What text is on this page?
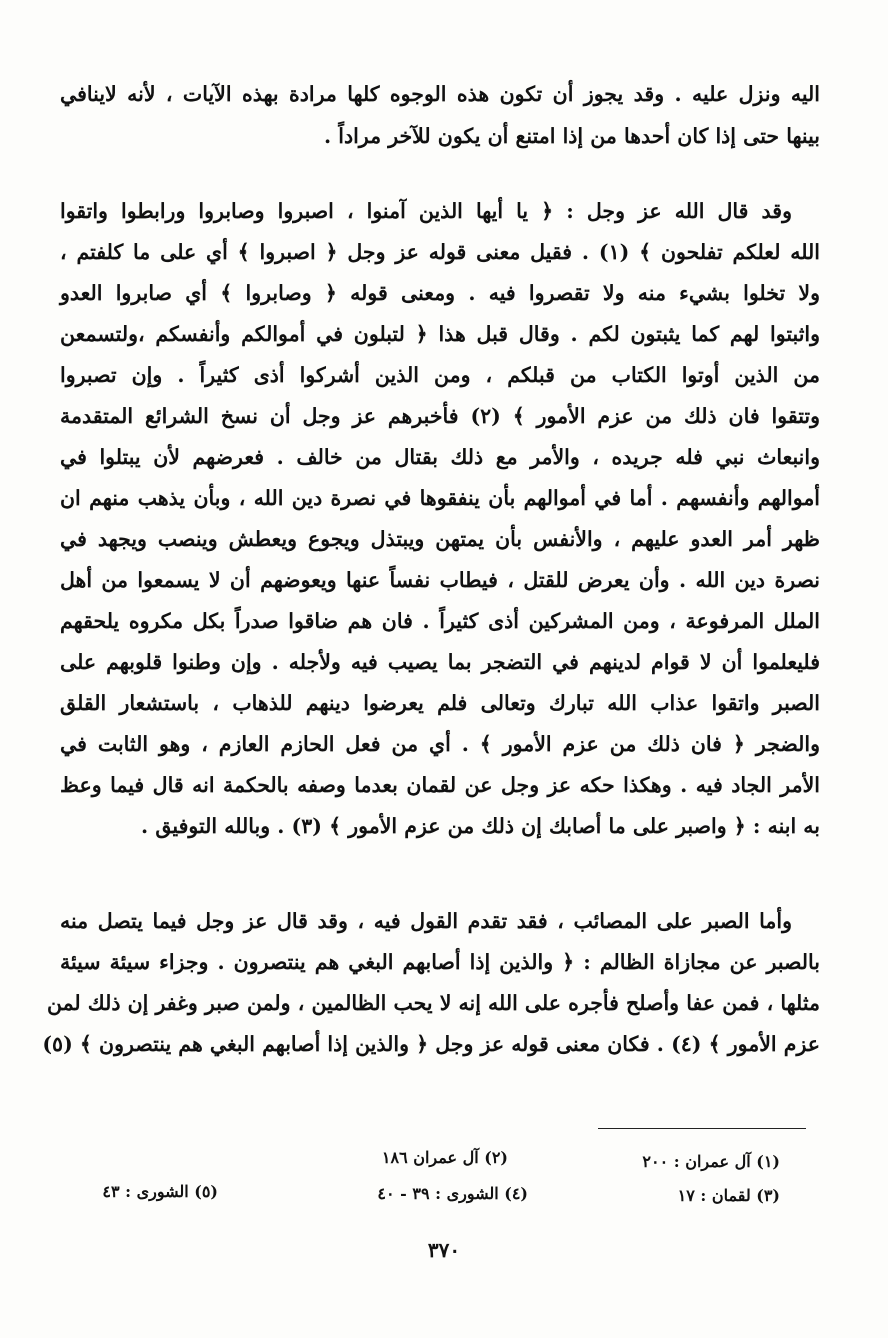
اليه ونزل عليه . وقد يجوز أن تكون هذه الوجوه كلها مرادة بهذه الآيات ، لأنه لاينافي
بينها حتى إذا كان أحدها من إذا امتنع أن يكون للآخر مراداً .
وقد قال الله عز وجل : ﴿ يا أيها الذين آمنوا ، اصبروا وصابروا ورابطوا واتقوا
الله لعلكم تفلحون ﴾ (١) . فقيل معنى قوله عز وجل ﴿ اصبروا ﴾ أي على ما كلفتم ،
ولا تخلوا بشيء منه ولا تقصروا فيه . ومعنى قوله ﴿ وصابروا ﴾ أي صابروا العدو
واثبتوا لهم كما يثبتون لكم . وقال قبل هذا ﴿ لتبلون في أموالكم وأنفسكم ،ولتسمعن
من الذين أوتوا الكتاب من قبلكم ، ومن الذين أشركوا أذى كثيراً . وإن تصبروا
وتتقوا فان ذلك من عزم الأمور ﴾ (٢) فأخبرهم عز وجل أن نسخ الشرائع المتقدمة
وانبعاث نبي فله جريده ، والأمر مع ذلك بقتال من خالف . فعرضهم لأن يبتلوا في
أموالهم وأنفسهم . أما في أموالهم بأن ينفقوها في نصرة دين الله ، وبأن يذهب منهم ان
ظهر أمر العدو عليهم ، والأنفس بأن يمتهن ويبتذل ويجوع ويعطش وينصب ويجهد في
نصرة دين الله . وأن يعرض للقتل ، فيطاب نفساً عنها ويعوضهم أن لا يسمعوا من أهل
الملل المرفوعة ، ومن المشركين أذى كثيراً . فان هم ضاقوا صدراً بكل مكروه يلحقهم
فليعلموا أن لا قوام لدينهم في التضجر بما يصيب فيه ولأجله . وإن وطنوا قلوبهم على
الصبر واتقوا عذاب الله تبارك وتعالى فلم يعرضوا دينهم للذهاب ، باستشعار القلق
والضجر ﴿ فان ذلك من عزم الأمور ﴾ . أي من فعل الحازم العازم ، وهو الثابت في
الأمر الجاد فيه . وهكذا حكه عز وجل عن لقمان بعدما وصفه بالحكمة انه قال فيما وعظ
به ابنه : ﴿ واصبر على ما أصابك إن ذلك من عزم الأمور ﴾ (٣) . وبالله التوفيق .
وأما الصبر على المصائب ، فقد تقدم القول فيه ، وقد قال عز وجل فيما يتصل منه
بالصبر عن مجازاة الظالم : ﴿ والذين إذا أصابهم البغي هم ينتصرون . وجزاء سيئة سيئة
مثلها ، فمن عفا وأصلح فأجره على الله إنه لا يحب الظالمين ، ولمن صبر وغفر إن ذلك لمن
عزم الأمور ﴾ (٤) . فكان معنى قوله عز وجل ﴿ والذين إذا أصابهم البغي هم ينتصرون ﴾ (٥)
(١) آل عمران : ٢٠٠
(٢) آل عمران ١٨٦
(٣) لقمان : ١٧
(٤) الشورى : ٣٩ - ٤٠
(٥) الشورى : ٤٣
٣٧٠
